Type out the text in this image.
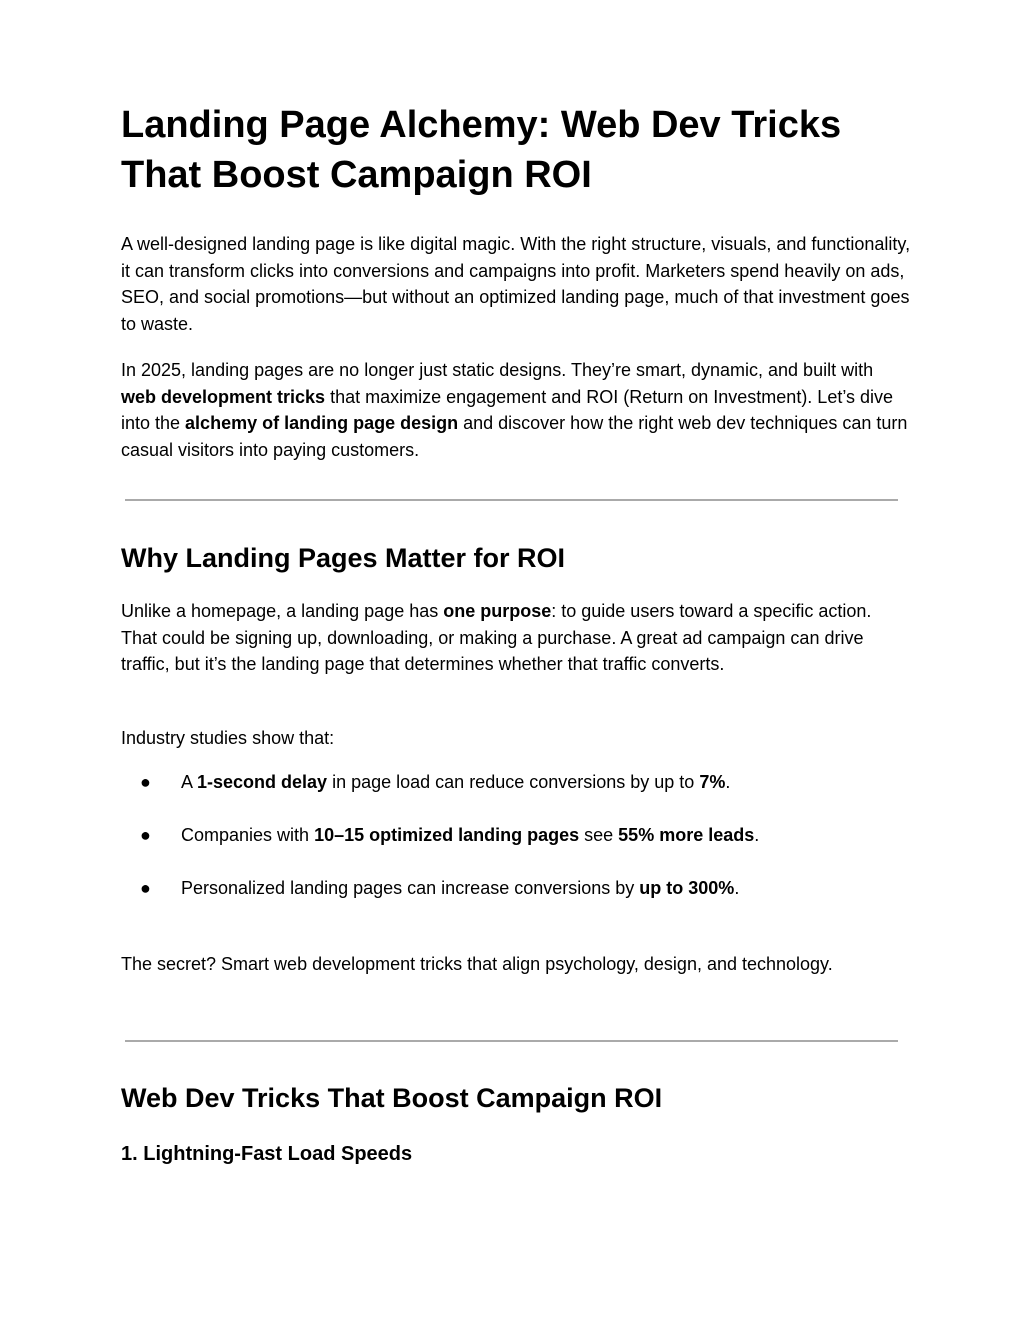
Landing Page Alchemy: Web Dev Tricks That Boost Campaign ROI

A well-designed landing page is like digital magic. With the right structure, visuals, and functionality, it can transform clicks into conversions and campaigns into profit. Marketers spend heavily on ads, SEO, and social promotions—but without an optimized landing page, much of that investment goes to waste.

In 2025, landing pages are no longer just static designs. They’re smart, dynamic, and built with web development tricks that maximize engagement and ROI (Return on Investment). Let’s dive into the alchemy of landing page design and discover how the right web dev techniques can turn casual visitors into paying customers.

Why Landing Pages Matter for ROI

Unlike a homepage, a landing page has one purpose: to guide users toward a specific action. That could be signing up, downloading, or making a purchase. A great ad campaign can drive traffic, but it’s the landing page that determines whether that traffic converts.

Industry studies show that:

● A 1-second delay in page load can reduce conversions by up to 7%.
● Companies with 10–15 optimized landing pages see 55% more leads.
● Personalized landing pages can increase conversions by up to 300%.

The secret? Smart web development tricks that align psychology, design, and technology.

Web Dev Tricks That Boost Campaign ROI
1. Lightning-Fast Load Speeds
